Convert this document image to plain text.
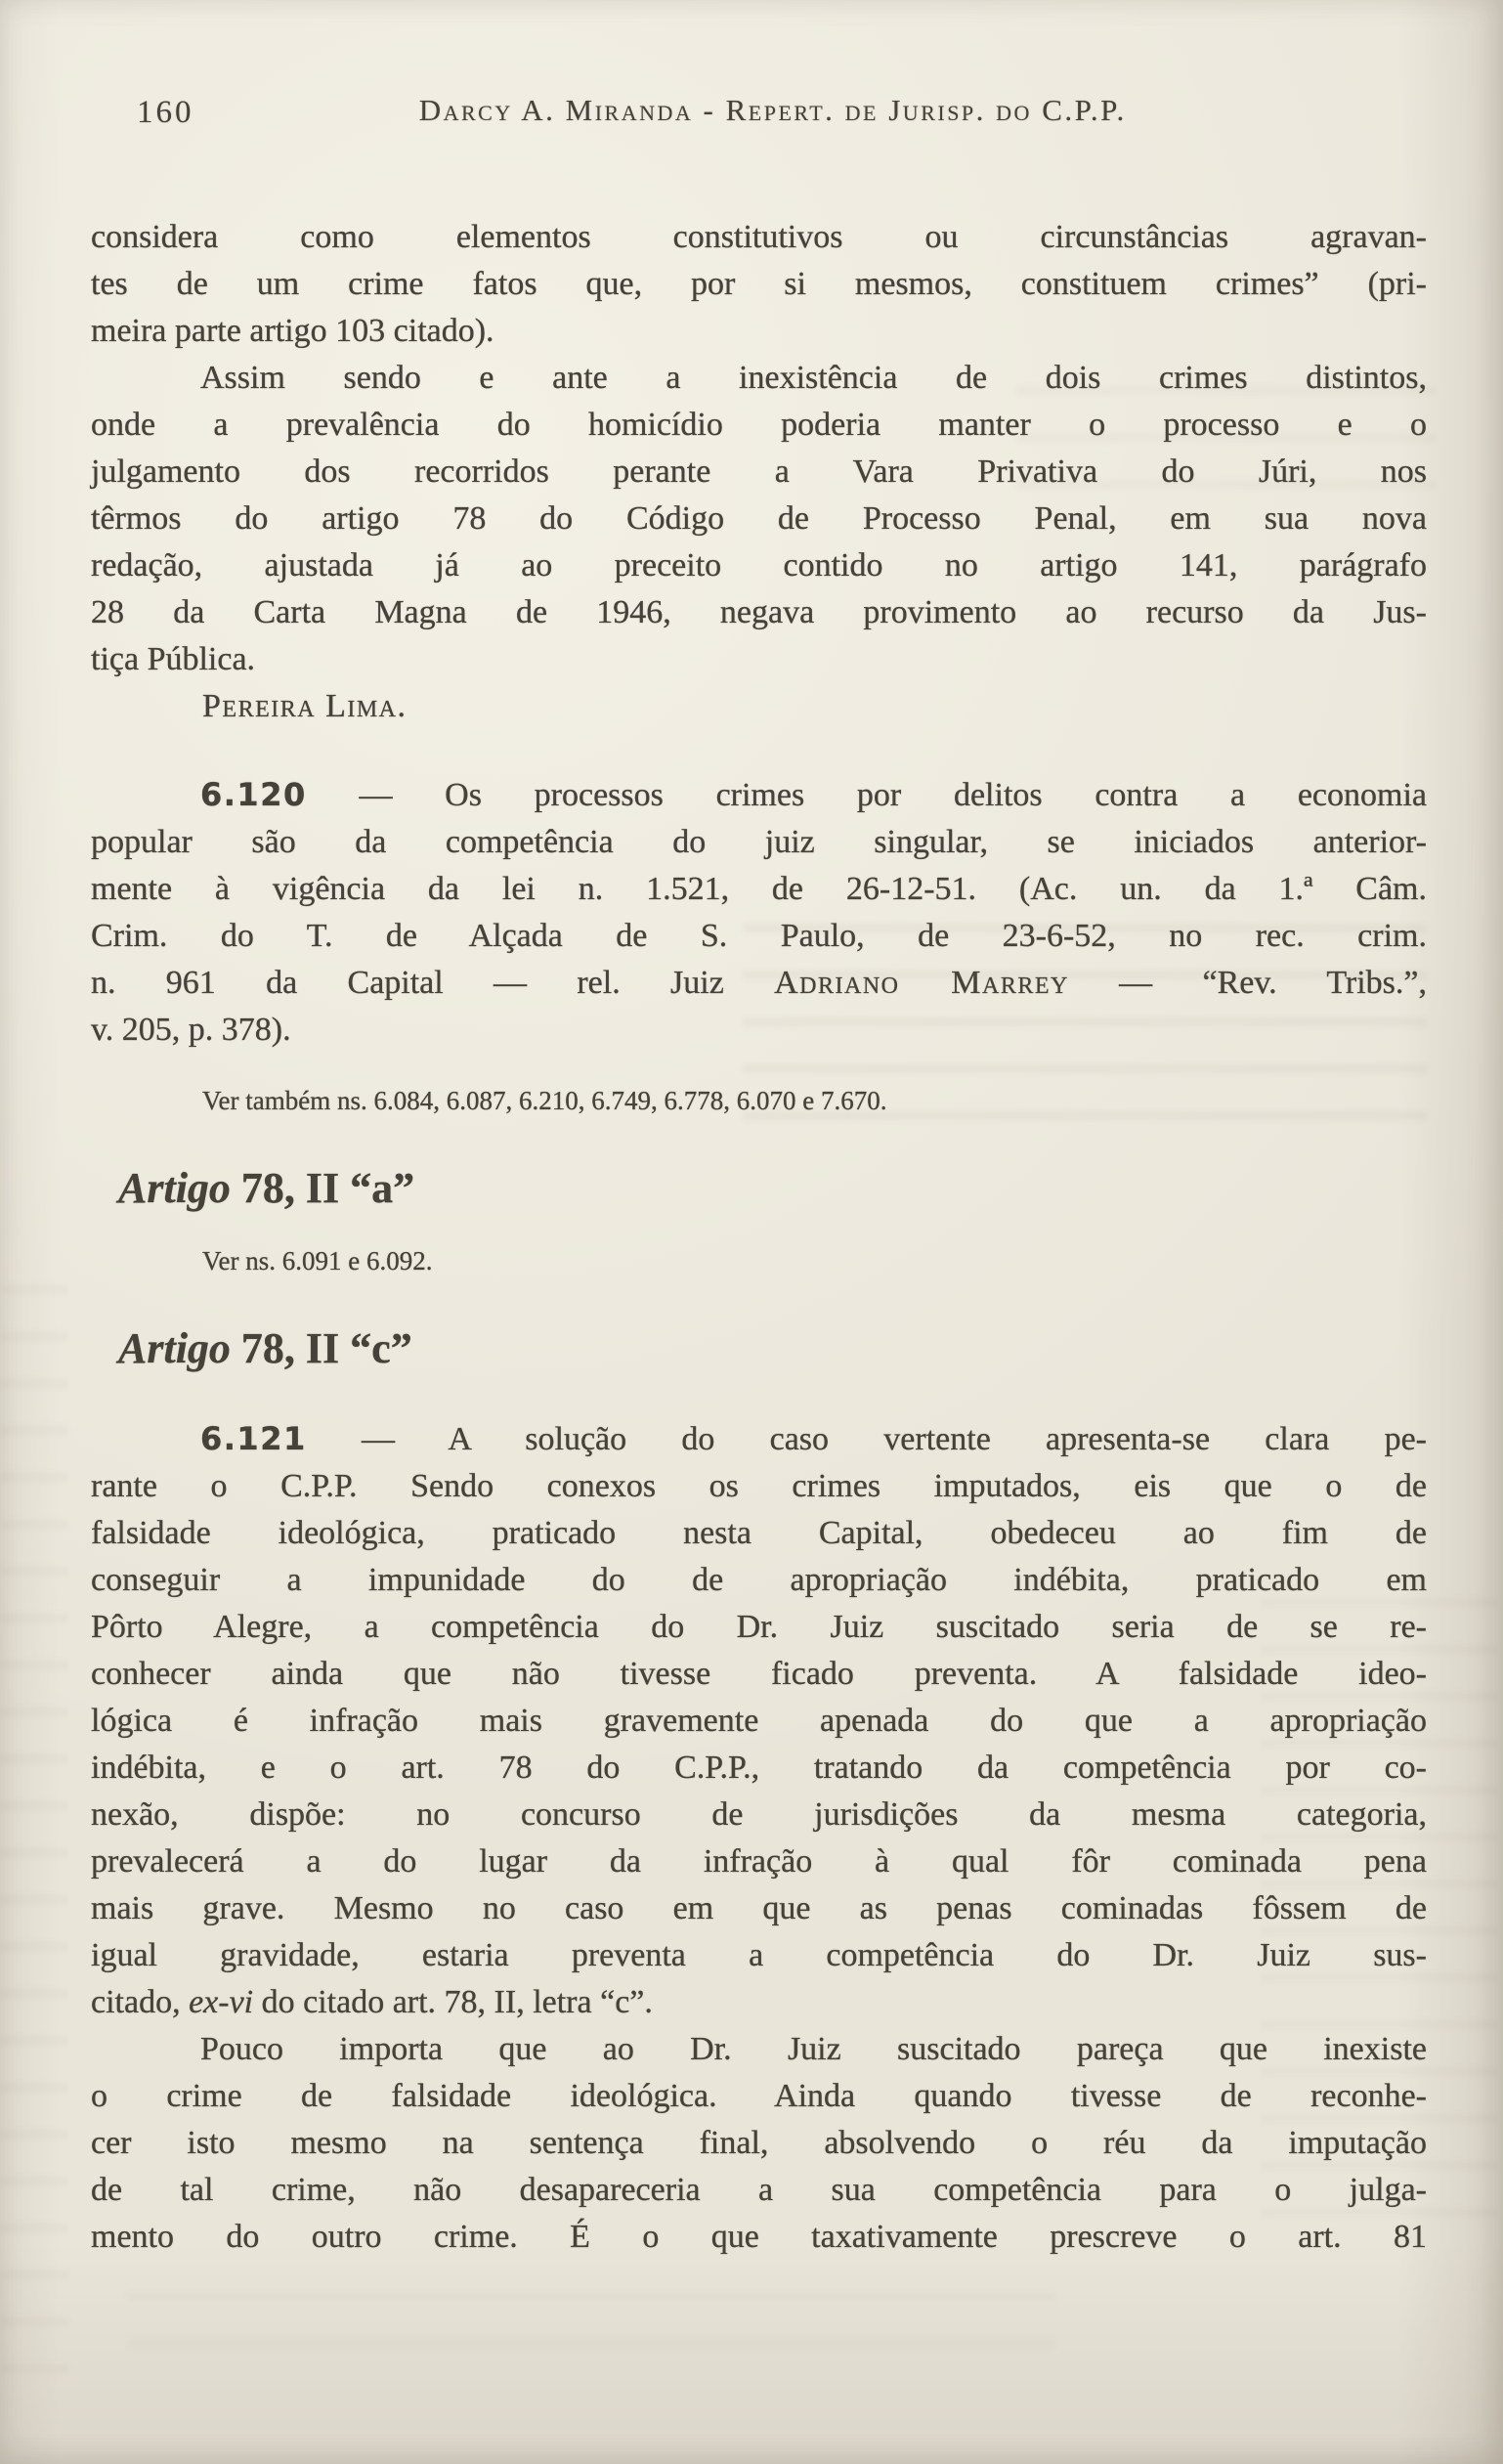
160	Darcy A. Miranda - Repert. de Jurisp. do C.P.P.
considera como elementos constitutivos ou circunstâncias agravan-
tes de um crime fatos que, por si mesmos, constituem crimes” (pri-
meira parte artigo 103 citado).
Assim sendo e ante a inexistência de dois crimes distintos,
onde a prevalência do homicídio poderia manter o processo e o
julgamento dos recorridos perante a Vara Privativa do Júri, nos
têrmos do artigo 78 do Código de Processo Penal, em sua nova
redação, ajustada já ao preceito contido no artigo 141, parágrafo
28 da Carta Magna de 1946, negava provimento ao recurso da Jus-
tiça Pública.
Pereira Lima.
6.120 — Os processos crimes por delitos contra a economia
popular são da competência do juiz singular, se iniciados anterior-
mente à vigência da lei n. 1.521, de 26-12-51. (Ac. un. da 1.ª Câm.
Crim. do T. de Alçada de S. Paulo, de 23-6-52, no rec. crim.
n. 961 da Capital — rel. Juiz Adriano Marrey — “Rev. Tribs.”,
v. 205, p. 378).
Ver também ns. 6.084, 6.087, 6.210, 6.749, 6.778, 6.070 e 7.670.
Artigo 78, II “a”
Ver ns. 6.091 e 6.092.
Artigo 78, II “c”
6.121 — A solução do caso vertente apresenta-se clara pe-
rante o C.P.P. Sendo conexos os crimes imputados, eis que o de
falsidade ideológica, praticado nesta Capital, obedeceu ao fim de
conseguir a impunidade do de apropriação indébita, praticado em
Pôrto Alegre, a competência do Dr. Juiz suscitado seria de se re-
conhecer ainda que não tivesse ficado preventa. A falsidade ideo-
lógica é infração mais gravemente apenada do que a apropriação
indébita, e o art. 78 do C.P.P., tratando da competência por co-
nexão, dispõe: no concurso de jurisdições da mesma categoria,
prevalecerá a do lugar da infração à qual fôr cominada pena
mais grave. Mesmo no caso em que as penas cominadas fôssem de
igual gravidade, estaria preventa a competência do Dr. Juiz sus-
citado, ex-vi do citado art. 78, II, letra “c”.
Pouco importa que ao Dr. Juiz suscitado pareça que inexiste
o crime de falsidade ideológica. Ainda quando tivesse de reconhe-
cer isto mesmo na sentença final, absolvendo o réu da imputação
de tal crime, não desapareceria a sua competência para o julga-
mento do outro crime. É o que taxativamente prescreve o art. 81
